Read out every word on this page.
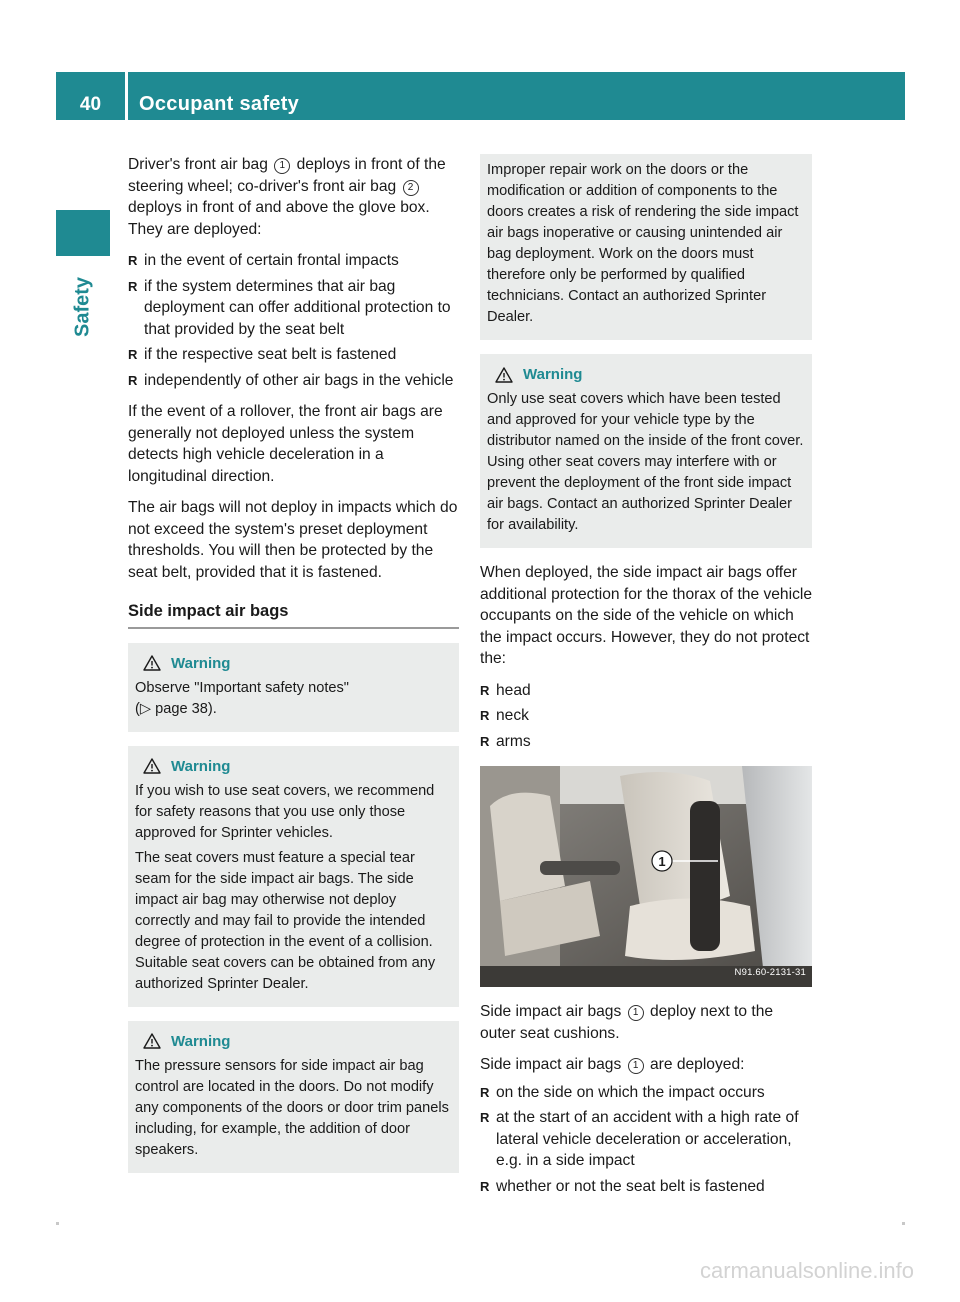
40	Occupant safety
Safety

Driver's front air bag 1 deploys in front of the steering wheel; co-driver's front air bag 2 deploys in front of and above the glove box. They are deployed:

R in the event of certain frontal impacts
R if the system determines that air bag deployment can offer additional protection to that provided by the seat belt
R if the respective seat belt is fastened
R independently of other air bags in the vehicle

If the event of a rollover, the front air bags are generally not deployed unless the system detects high vehicle deceleration in a longitudinal direction.

The air bags will not deploy in impacts which do not exceed the system's preset deployment thresholds. You will then be protected by the seat belt, provided that it is fastened.

Side impact air bags
Warning

Observe "Important safety notes"
(▷ page 38).

Warning

If you wish to use seat covers, we recommend for safety reasons that you use only those approved for Sprinter vehicles.

The seat covers must feature a special tear seam for the side impact air bags. The side impact air bag may otherwise not deploy correctly and may fail to provide the intended degree of protection in the event of a collision. Suitable seat covers can be obtained from any authorized Sprinter Dealer.

Warning

The pressure sensors for side impact air bag control are located in the doors. Do not modify any components of the doors or door trim panels including, for example, the addition of door speakers.

Improper repair work on the doors or the modification or addition of components to the doors creates a risk of rendering the side impact air bags inoperative or causing unintended air bag deployment. Work on the doors must therefore only be performed by qualified technicians. Contact an authorized Sprinter Dealer.

Warning

Only use seat covers which have been tested and approved for your vehicle type by the distributor named on the inside of the front cover. Using other seat covers may interfere with or prevent the deployment of the front side impact air bags. Contact an authorized Sprinter Dealer for availability.

When deployed, the side impact air bags offer additional protection for the thorax of the vehicle occupants on the side of the vehicle on which the impact occurs. However, they do not protect the:

R head
R neck
R arms
1
N91.60-2131-31

Side impact air bags 1 deploy next to the outer seat cushions.

Side impact air bags 1 are deployed:

R on the side on which the impact occurs
R at the start of an accident with a high rate of lateral vehicle deceleration or acceleration, e.g. in a side impact
R whether or not the seat belt is fastened
carmanualsonline.info
